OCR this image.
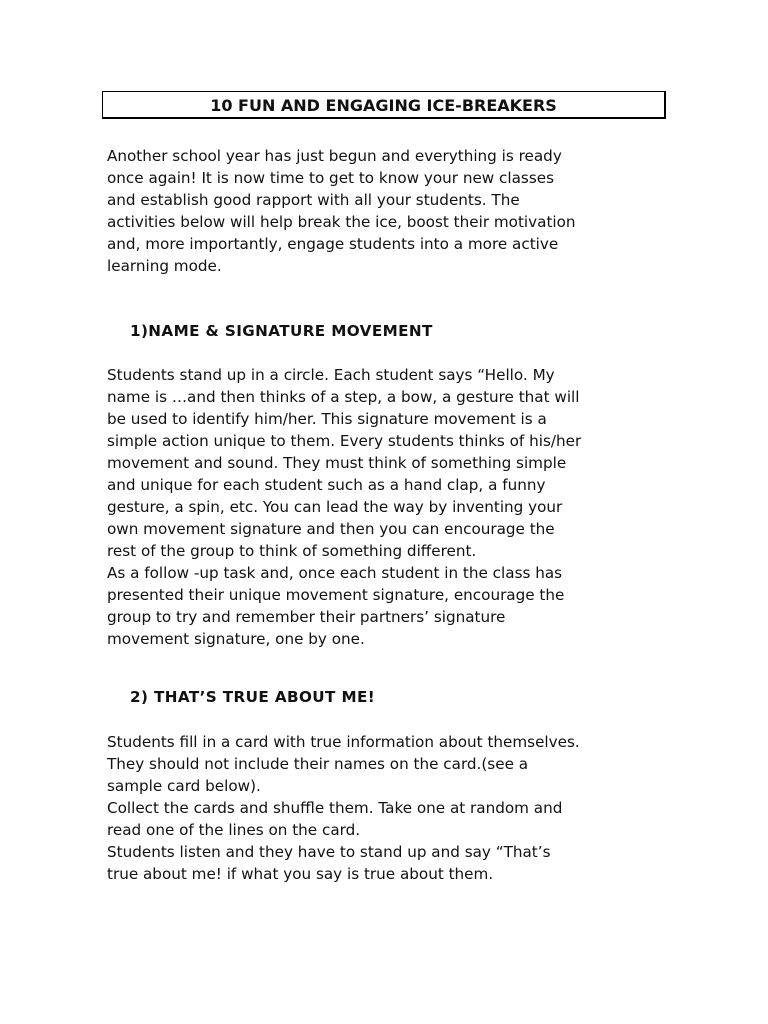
10 FUN AND ENGAGING ICE-BREAKERS
Another school year has just begun and everything is ready
once again! It is now time to get to know your new classes
and establish good rapport with all your students. The
activities below will help break the ice, boost their motivation
and, more importantly, engage students into a more active
learning mode.
1)NAME & SIGNATURE MOVEMENT
Students stand up in a circle. Each student says “Hello. My
name is …and then thinks of a step, a bow, a gesture that will
be used to identify him/her. This signature movement is a
simple action unique to them. Every students thinks of his/her
movement and sound. They must think of something simple
and unique for each student such as a hand clap, a funny
gesture, a spin, etc. You can lead the way by inventing your
own movement signature and then you can encourage the
rest of the group to think of something different.
As a follow -up task and, once each student in the class has
presented their unique movement signature, encourage the
group to try and remember their partners’ signature
movement signature, one by one.
2) THAT’S TRUE ABOUT ME!
Students fill in a card with true information about themselves.
They should not include their names on the card.(see a
sample card below).
Collect the cards and shuffle them. Take one at random and
read one of the lines on the card.
Students listen and they have to stand up and say “That’s
true about me! if what you say is true about them.
